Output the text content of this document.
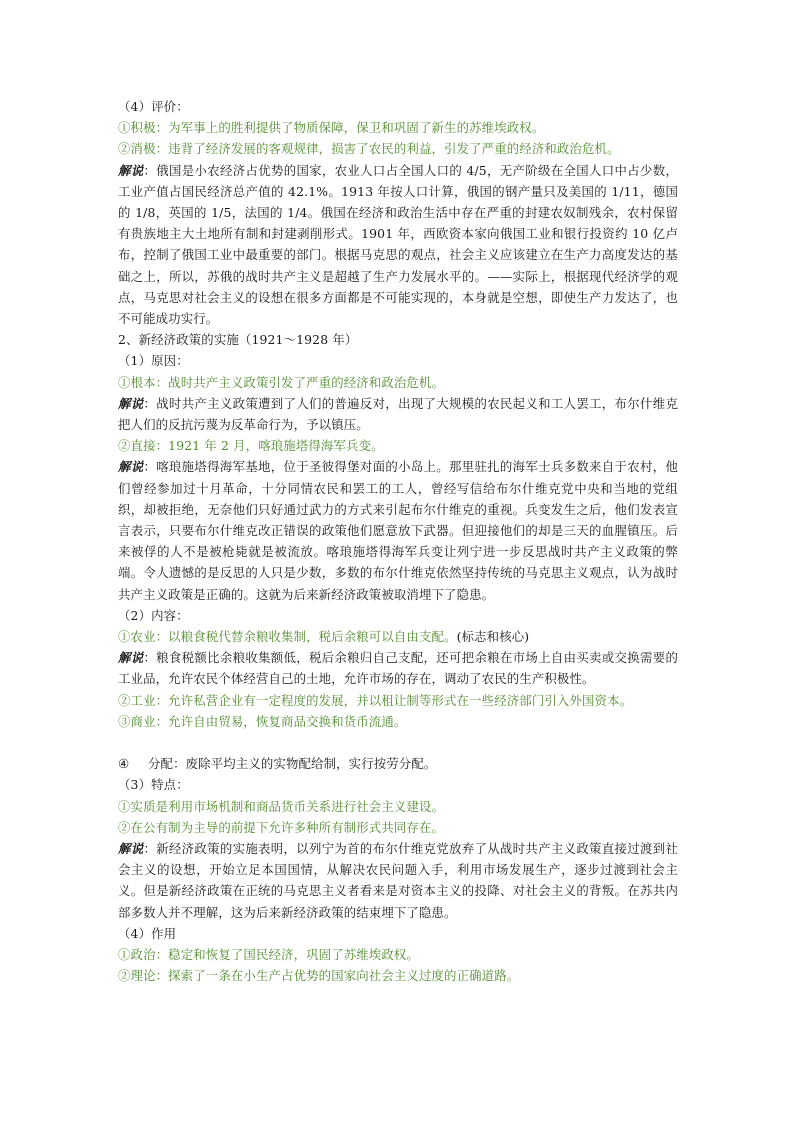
（4）评价：

①积极：为军事上的胜利提供了物质保障，保卫和巩固了新生的苏维埃政权。

②消极：违背了经济发展的客观规律，损害了农民的利益，引发了严重的经济和政治危机。

解说：俄国是小农经济占优势的国家，农业人口占全国人口的 4/5，无产阶级在全国人口中占少数，工业产值占国民经济总产值的 42.1%。1913 年按人口计算，俄国的钢产量只及美国的 1/11，德国的 1/8，英国的 1/5，法国的 1/4。俄国在经济和政治生活中存在严重的封建农奴制残余，农村保留有贵族地主大土地所有制和封建剥削形式。1901 年，西欧资本家向俄国工业和银行投资约 10 亿卢布，控制了俄国工业中最重要的部门。根据马克思的观点，社会主义应该建立在生产力高度发达的基础之上，所以，苏俄的战时共产主义是超越了生产力发展水平的。——实际上，根据现代经济学的观点，马克思对社会主义的设想在很多方面都是不可能实现的，本身就是空想，即使生产力发达了，也不可能成功实行。

2、新经济政策的实施（1921～1928 年）

（1）原因：

①根本：战时共产主义政策引发了严重的经济和政治危机。

解说：战时共产主义政策遭到了人们的普遍反对，出现了大规模的农民起义和工人罢工，布尔什维克把人们的反抗污蔑为反革命行为，予以镇压。

②直接：1921 年 2 月，喀琅施塔得海军兵变。

解说：喀琅施塔得海军基地，位于圣彼得堡对面的小岛上。那里驻扎的海军士兵多数来自于农村，他们曾经参加过十月革命，十分同情农民和罢工的工人，曾经写信给布尔什维克党中央和当地的党组织，却被拒绝，无奈他们只好通过武力的方式来引起布尔什维克的重视。兵变发生之后，他们发表宣言表示，只要布尔什维克改正错误的政策他们愿意放下武器。但迎接他们的却是三天的血腥镇压。后来被俘的人不是被枪毙就是被流放。喀琅施塔得海军兵变让列宁进一步反思战时共产主义政策的弊端。令人遗憾的是反思的人只是少数，多数的布尔什维克依然坚持传统的马克思主义观点，认为战时共产主义政策是正确的。这就为后来新经济政策被取消埋下了隐患。

（2）内容：

①农业：以粮食税代替余粮收集制，税后余粮可以自由支配。(标志和核心)

解说：粮食税额比余粮收集额低，税后余粮归自己支配，还可把余粮在市场上自由买卖或交换需要的工业品，允许农民个体经营自己的土地，允许市场的存在，调动了农民的生产积极性。

②工业：允许私营企业有一定程度的发展，并以租让制等形式在一些经济部门引入外国资本。

③商业：允许自由贸易，恢复商品交换和货币流通。

④ 分配：废除平均主义的实物配给制，实行按劳分配。

（3）特点：

①实质是利用市场机制和商品货币关系进行社会主义建设。

②在公有制为主导的前提下允许多种所有制形式共同存在。

解说：新经济政策的实施表明，以列宁为首的布尔什维克党放弃了从战时共产主义政策直接过渡到社会主义的设想，开始立足本国国情，从解决农民问题入手，利用市场发展生产，逐步过渡到社会主义。但是新经济政策在正统的马克思主义者看来是对资本主义的投降、对社会主义的背叛。在苏共内部多数人并不理解，这为后来新经济政策的结束埋下了隐患。

（4）作用

①政治：稳定和恢复了国民经济，巩固了苏维埃政权。

②理论：探索了一条在小生产占优势的国家向社会主义过度的正确道路。
